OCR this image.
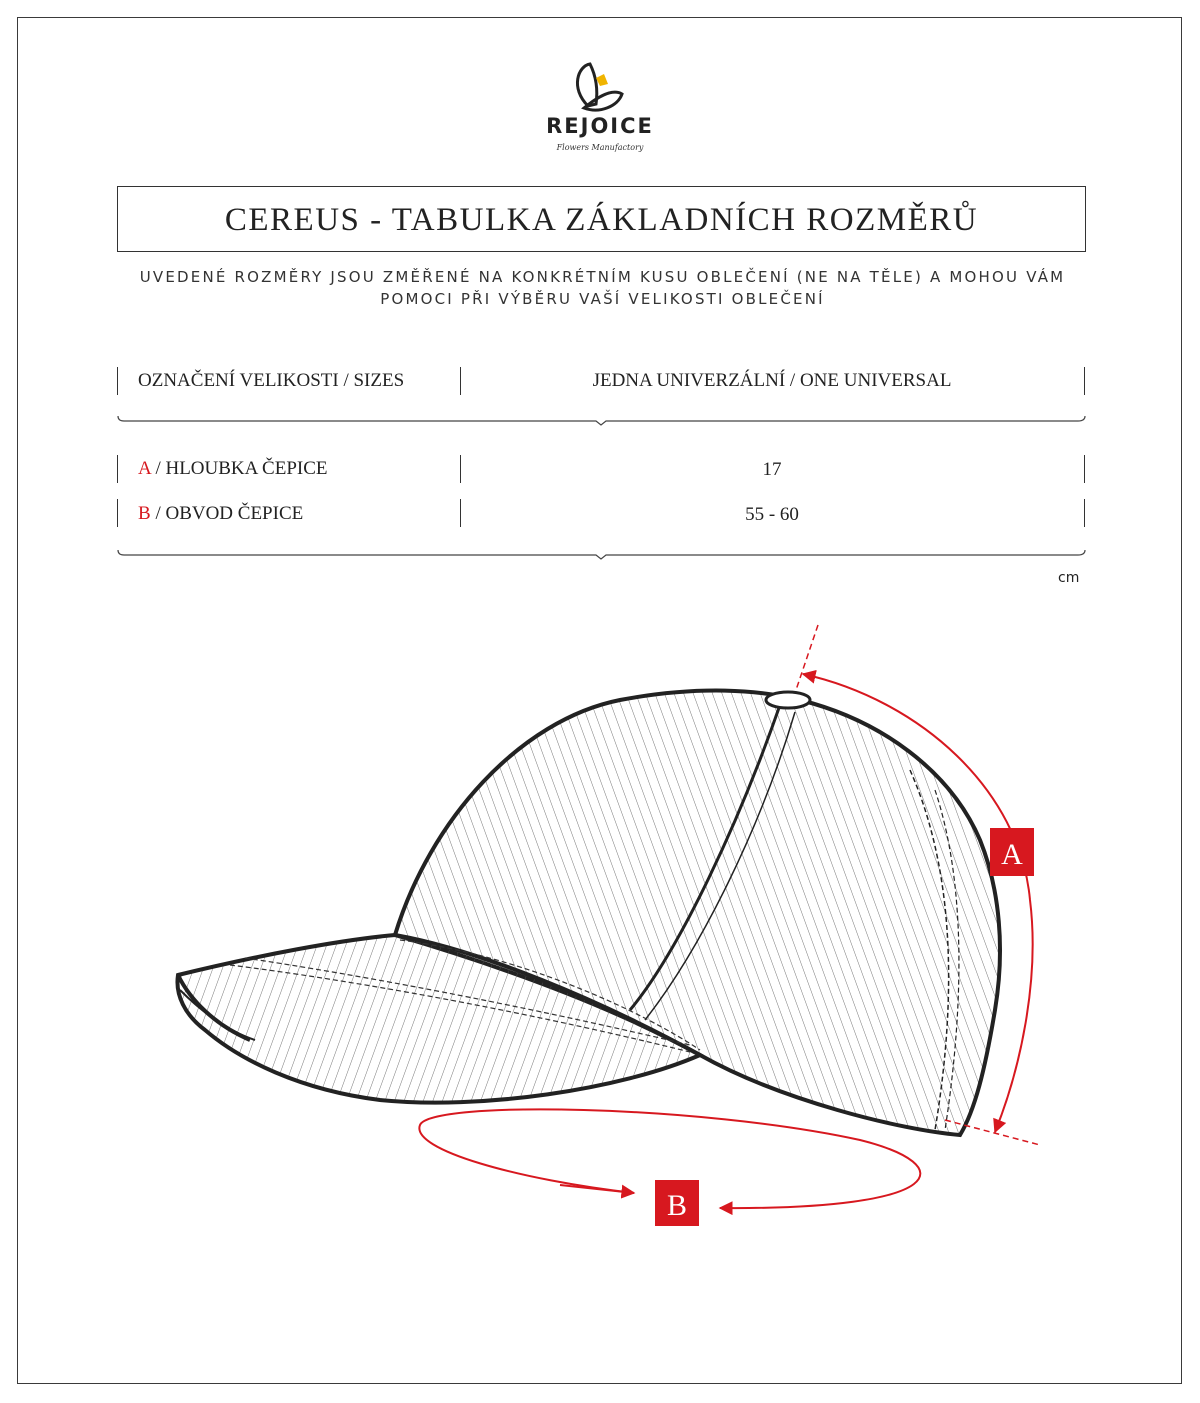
REJOICE
Flowers Manufactory
CEREUS - TABULKA ZÁKLADNÍCH ROZMĚRŮ
UVEDENÉ ROZMĚRY JSOU ZMĚŘENÉ NA KONKRÉTNÍM KUSU OBLEČENÍ (NE NA TĚLE) A MOHOU VÁM POMOCI PŘI VÝBĚRU VAŠÍ VELIKOSTI OBLEČENÍ
OZNAČENÍ VELIKOSTI / SIZES	JEDNA UNIVERZÁLNÍ / ONE UNIVERSAL
A / HLOUBKA ČEPICE	17
B / OBVOD ČEPICE	55 - 60
cm
A
B
